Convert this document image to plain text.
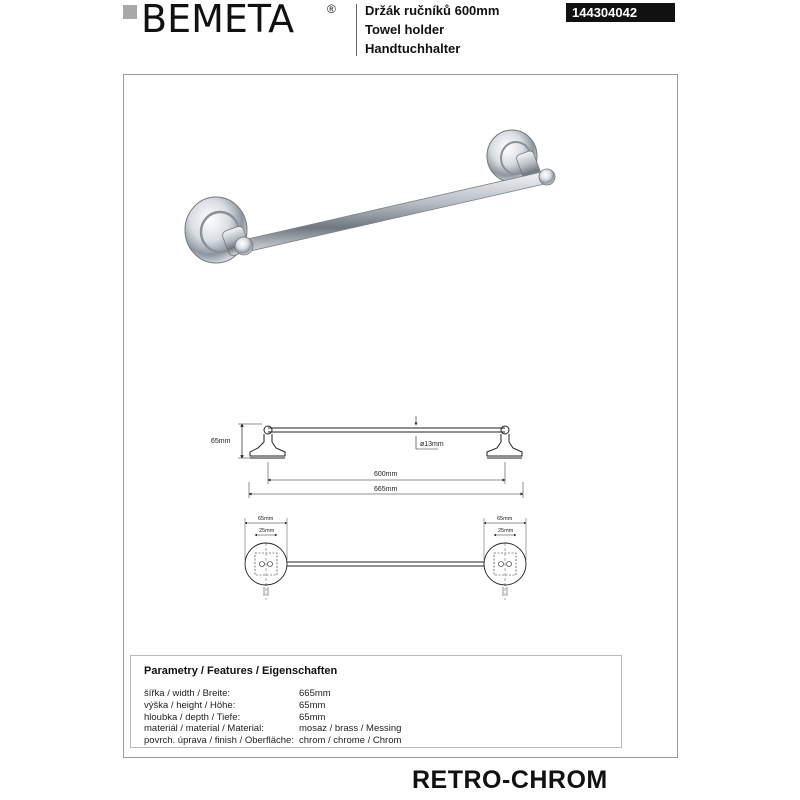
BEMETA	® Držák ručníků 600mm
Towel holder
Handtuchhalter
144304042
65mm	ø13mm
600mm
665mm
65mm
25mm
65mm
25mm
Parametry / Features / Eigenschaften
šířka / width / Breite:	665mm
výška / height / Höhe:	65mm
hloubka / depth / Tiefe:	65mm
materiál / material / Material:	mosaz / brass / Messing
povrch. úprava / finish / Oberfläche: chrom / chrome / Chrom
RETRO-CHROM
